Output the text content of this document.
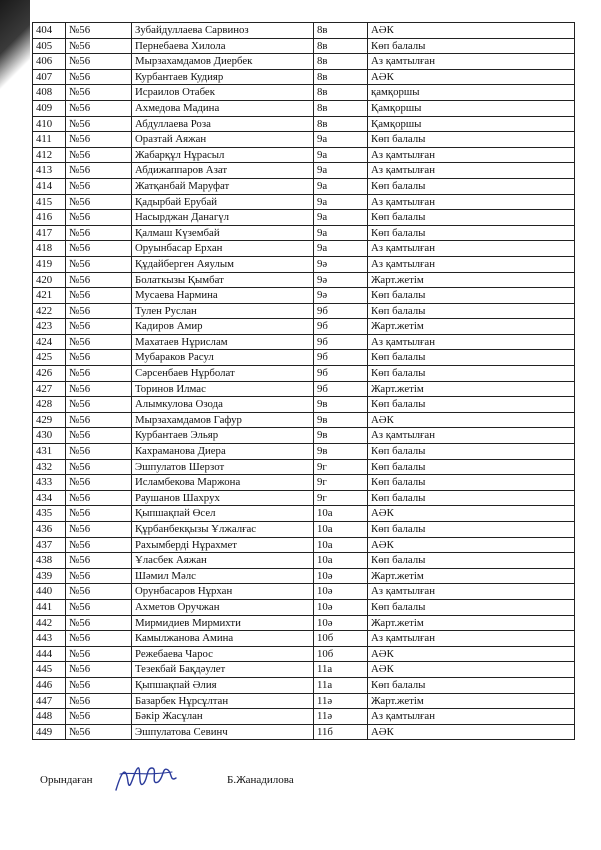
404	№56	Зубайдуллаева Сарвиноз	8в	АӘК
405	№56	Пернебаева Хилола	8в	Көп балалы
406	№56	Мырзахамдамов Диербек	8в	Аз қамтылған
407	№56	Курбантаев Кудияр	8в	АӘК
408	№56	Исраилов Отабек	8в	қамқоршы
409	№56	Ахмедова Мадина	8в	Қамқоршы
410	№56	Абдуллаева Роза	8в	Қамқоршы
411	№56	Оразтай Аяжан	9а	Көп балалы
412	№56	Жабарқұл Нұрасыл	9а	Аз қамтылған
413	№56	Абдижаппаров Азат	9а	Аз қамтылған
414	№56	Жатқанбай Маруфат	9а	Көп балалы
415	№56	Қадырбай Ерубай	9а	Аз қамтылған
416	№56	Насырджан Данагүл	9а	Көп балалы
417	№56	Қалмаш Күзембай	9а	Көп балалы
418	№56	Оруынбасар Ерхан	9а	Аз қамтылған
419	№56	Құдайберген Аяулым	9ә	Аз қамтылған
420	№56	Болаткызы Қымбат	9ә	Жарт.жетім
421	№56	Мусаева Нармина	9ә	Көп балалы
422	№56	Тулен Руслан	9б	Көп балалы
423	№56	Кадиров Амир	9б	Жарт.жетім
424	№56	Махатаев Нұрислам	9б	Аз қамтылған
425	№56	Мубараков Расул	9б	Көп балалы
426	№56	Сәрсенбаев Нұрболат	9б	Көп балалы
427	№56	Торинов Илмас	9б	Жарт.жетім
428	№56	Алымкулова Озода	9в	Көп балалы
429	№56	Мырзахамдамов Гафур	9в	АӘК
430	№56	Курбантаев Эльяр	9в	Аз қамтылған
431	№56	Кахраманова Диера	9в	Көп балалы
432	№56	Эшпулатов Шерзот	9г	Көп балалы
433	№56	Исламбекова Маржона	9г	Көп балалы
434	№56	Раушанов Шахрух	9г	Көп балалы
435	№56	Қыпшақпай Өсел	10а	АӘК
436	№56	Құрбанбекқызы Ұлжалғас	10а	Көп балалы
437	№56	Рахымберді Нұрахмет	10а	АӘК
438	№56	Ұласбек Аяжан	10а	Көп балалы
439	№56	Шәмил Мәлс	10ә	Жарт.жетім
440	№56	Орунбасаров Нұрхан	10ә	Аз қамтылған
441	№56	Ахметов Оручжан	10ә	Көп балалы
442	№56	Мирмидиев Мирмихти	10ә	Жарт.жетім
443	№56	Камылжанова Амина	10б	Аз қамтылған
444	№56	Режебаева Чарос	10б	АӘК
445	№56	Тезекбай Бақдәулет	11а	АӘК
446	№56	Қыпшақпай Әлия	11а	Көп балалы
447	№56	Базарбек Нұрсұлтан	11ә	Жарт.жетім
448	№56	Бәкір Жасұлан	11ә	Аз қамтылған
449	№56	Эшпулатова Севинч	11б	АӘК
Орындаған	Б.Жанадилова
